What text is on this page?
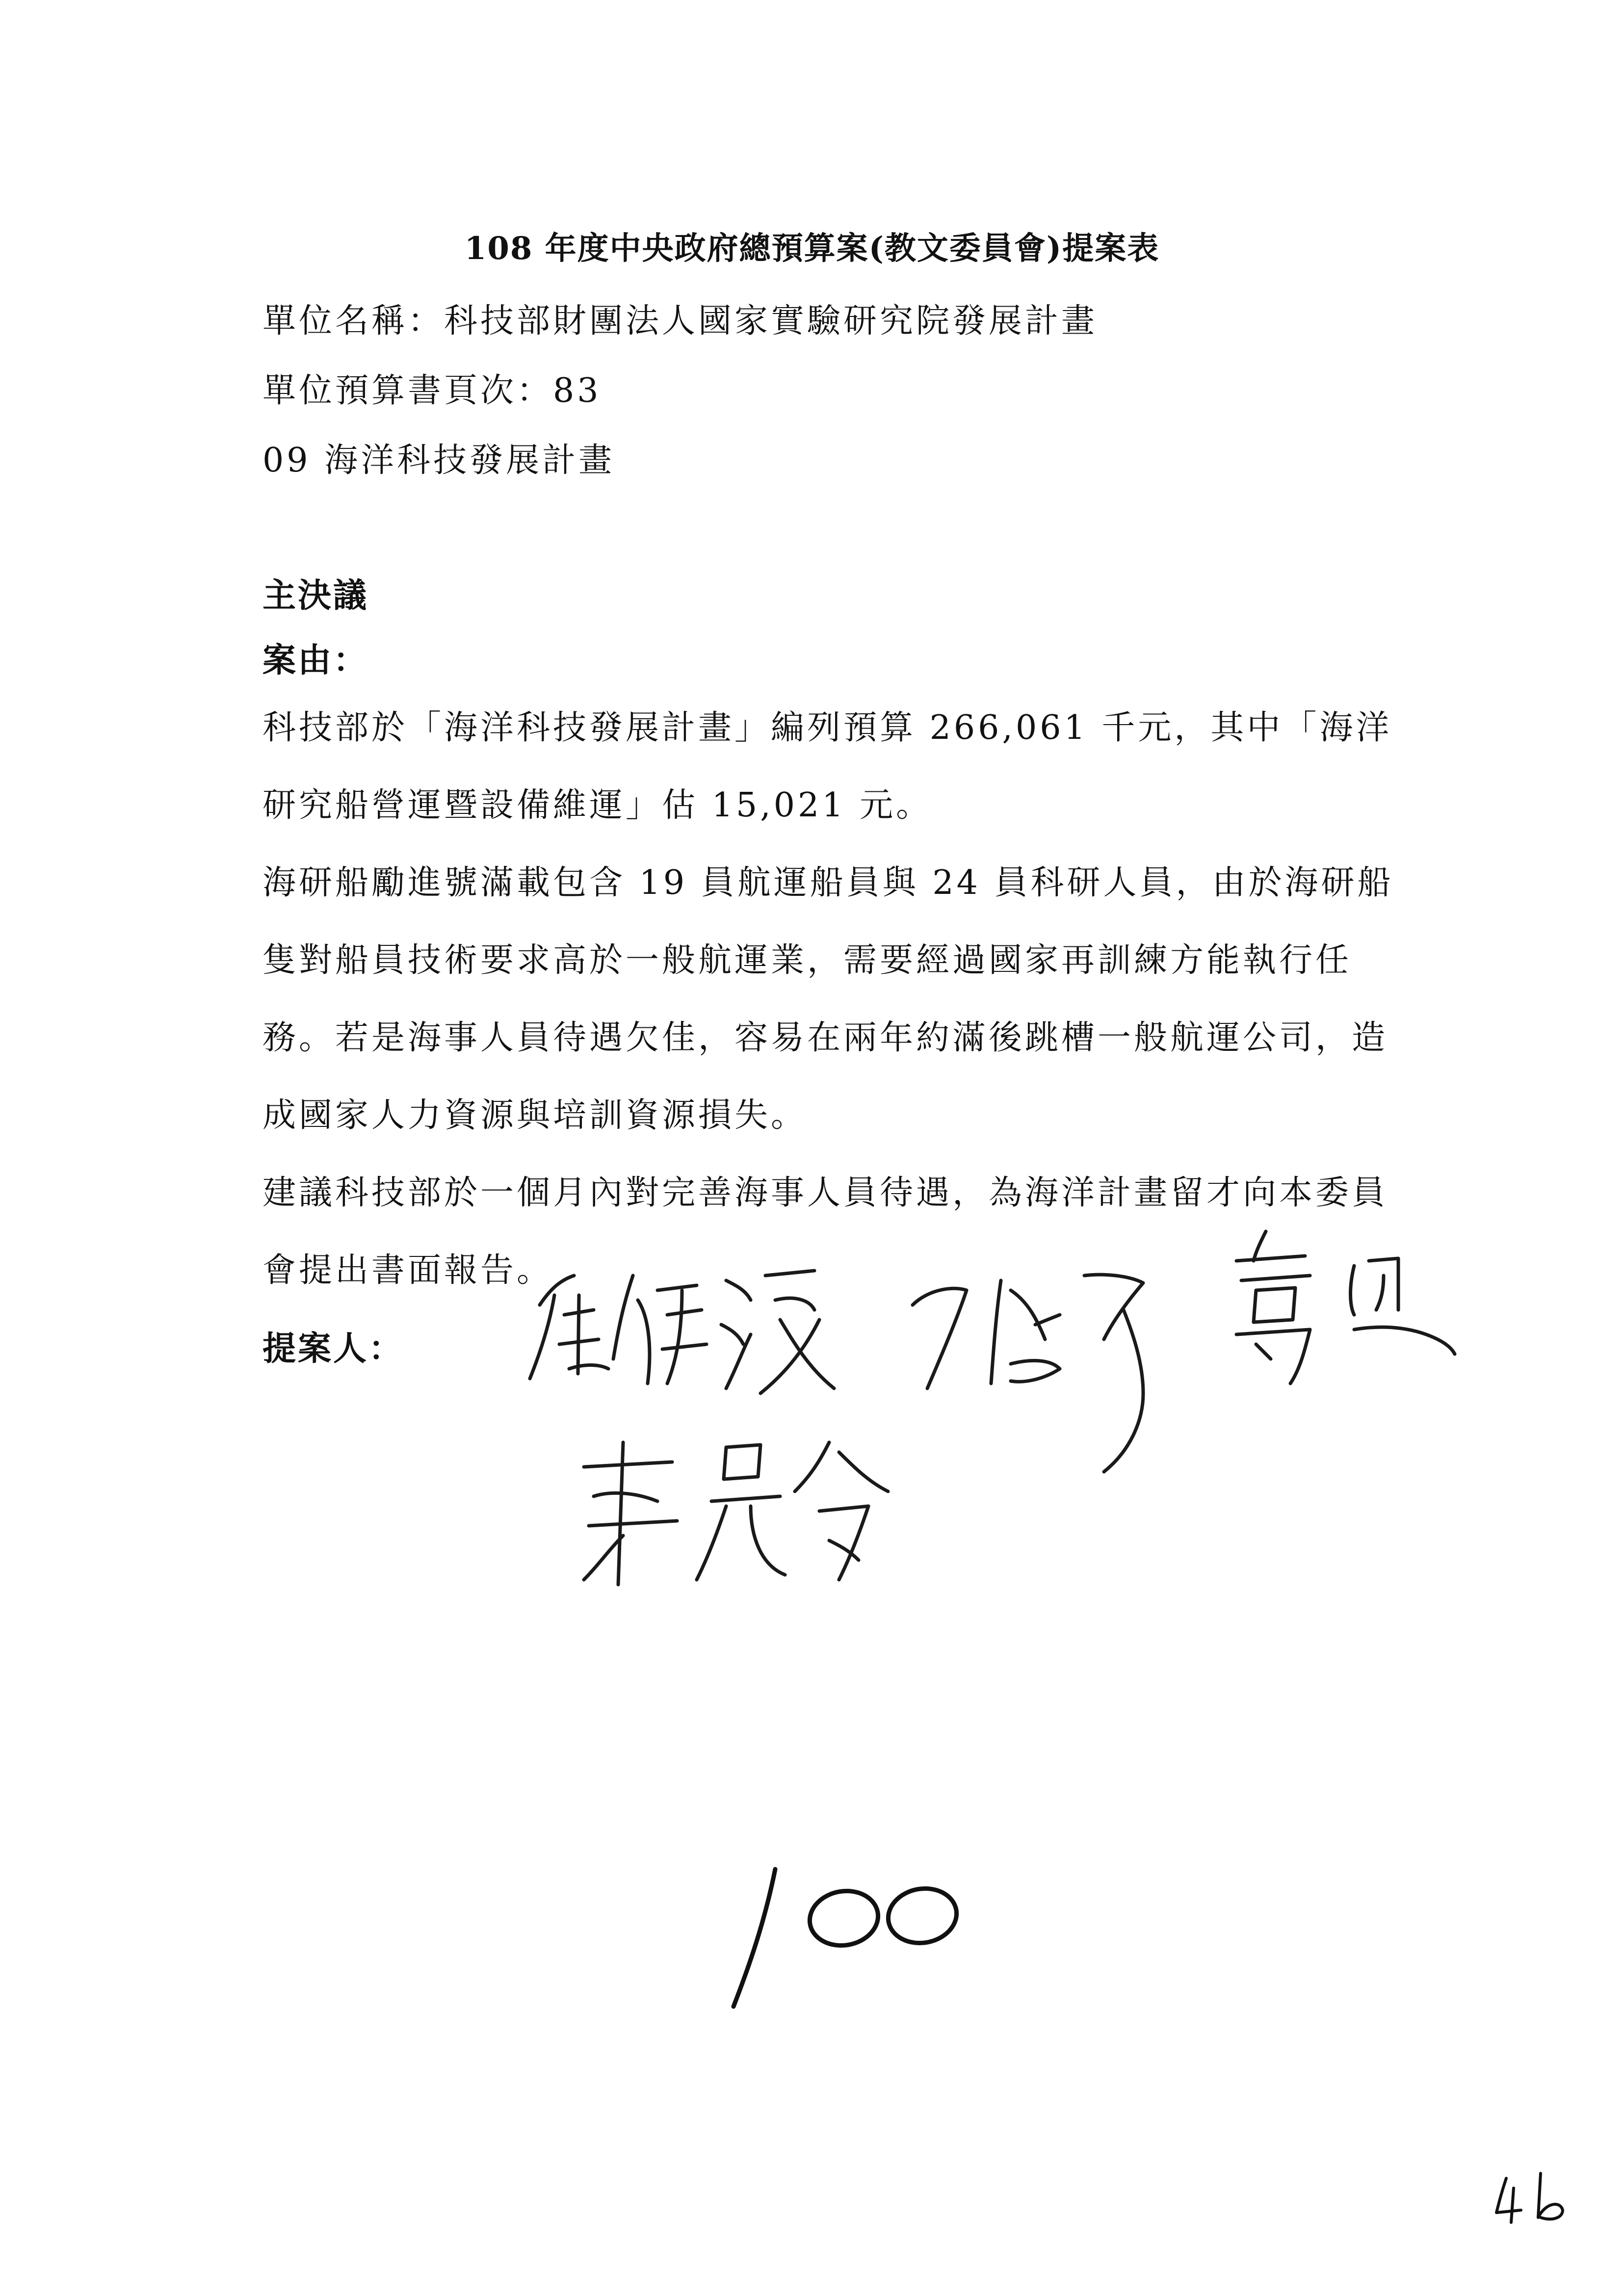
108 年度中央政府總預算案(教文委員會)提案表
單位名稱：科技部財團法人國家實驗研究院發展計畫
單位預算書頁次：83
09 海洋科技發展計畫
主決議
案由：

科技部於「海洋科技發展計畫」編列預算 266,061 千元，其中「海洋研究船營運暨設備維運」估 15,021 元。

海研船勵進號滿載包含 19 員航運船員與 24 員科研人員，由於海研船隻對船員技術要求高於一般航運業，需要經過國家再訓練方能執行任務。若是海事人員待遇欠佳，容易在兩年約滿後跳槽一般航運公司，造成國家人力資源與培訓資源損失。

建議科技部於一個月內對完善海事人員待遇，為海洋計畫留才向本委員會提出書面報告。

提案人：
